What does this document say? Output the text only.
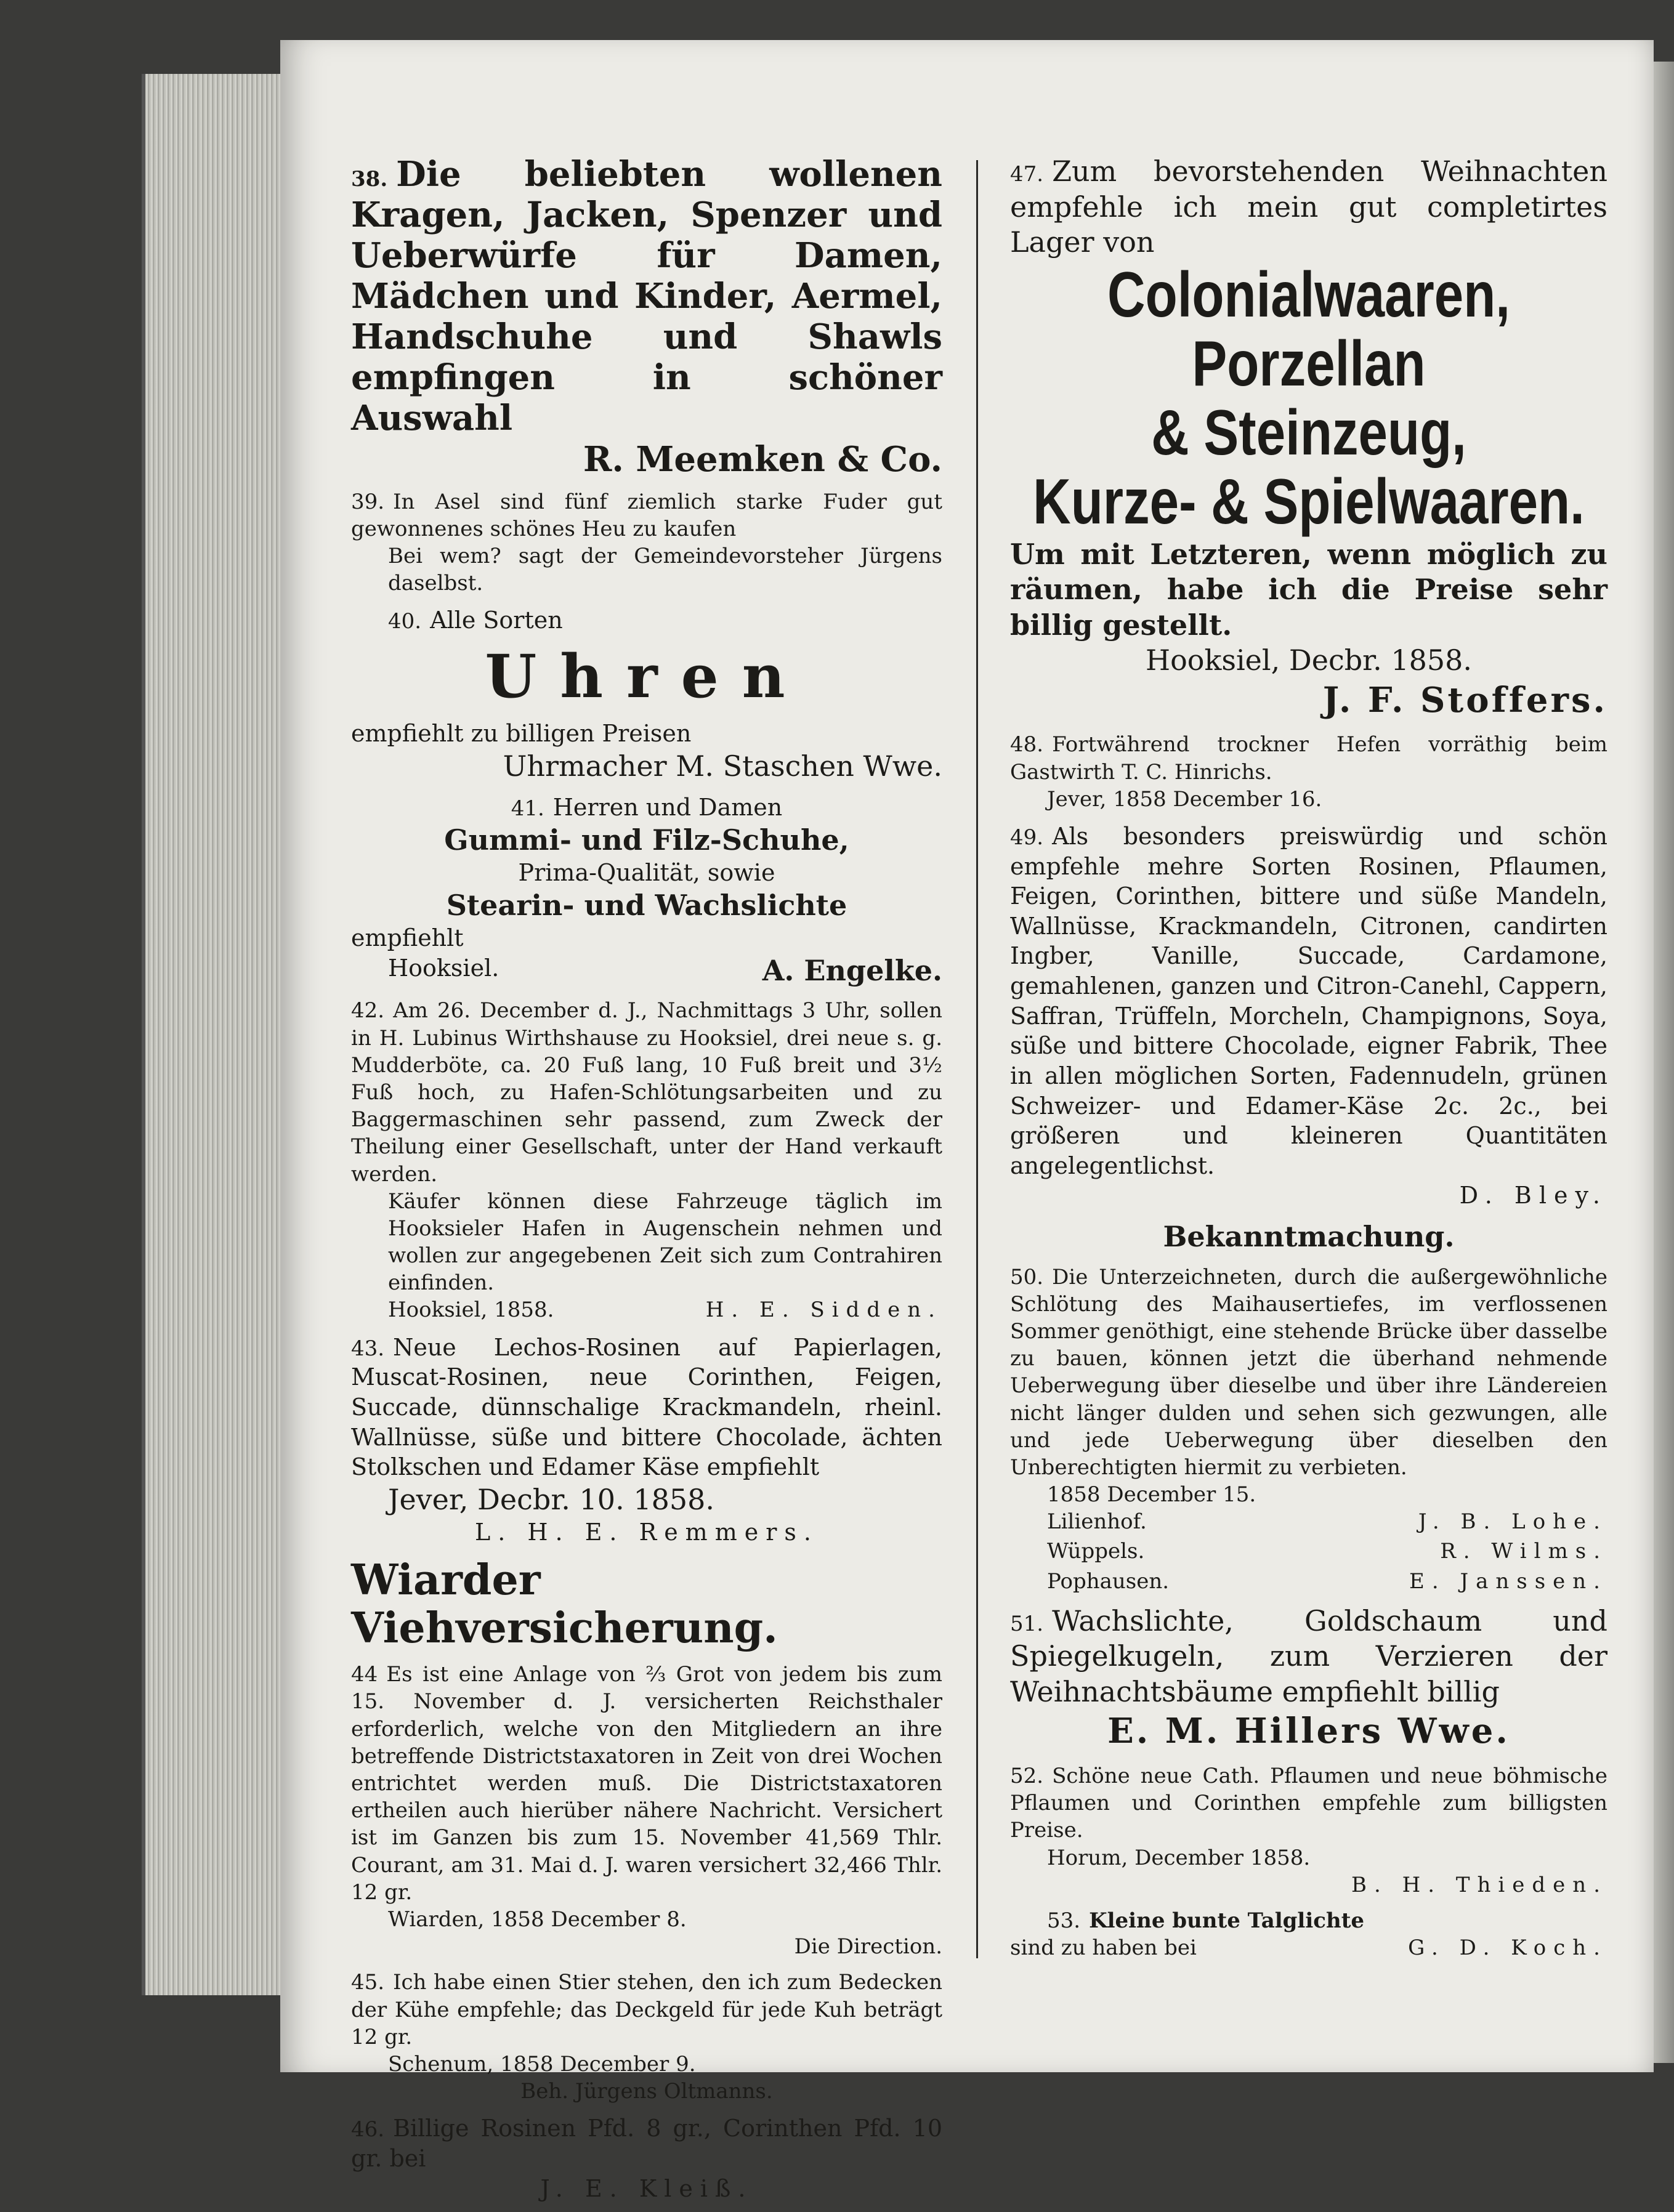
38. Die beliebten wollenen Kragen, Jacken, Spenzer und Ueberwürfe für Damen, Mädchen und Kinder, Aermel, Handschuhe und Shawls empfingen in schöner Auswahl
R. Meemken & Co.
39. In Asel sind fünf ziemlich starke Fuder gut gewonnenes schönes Heu zu kaufen
Bei wem? sagt der Gemeindevorsteher Jürgens daselbst.
40. Alle Sorten
Uhren
empfiehlt zu billigen Preisen
Uhrmacher M. Staschen Wwe.
41. Herren und Damen
Gummi- und Filz-Schuhe,
Prima-Qualität, sowie
Stearin- und Wachslichte
empfiehlt
Hooksiel.	A. Engelke.
42. Am 26. December d. J., Nachmittags 3 Uhr, sollen in H. Lubinus Wirthshause zu Hooksiel, drei neue s. g. Mudderböte, ca. 20 Fuß lang, 10 Fuß breit und 3½ Fuß hoch, zu Hafen-Schlötungsarbeiten und zu Baggermaschinen sehr passend, zum Zweck der Theilung einer Gesellschaft, unter der Hand verkauft werden.
Käufer können diese Fahrzeuge täglich im Hooksieler Hafen in Augenschein nehmen und wollen zur angegebenen Zeit sich zum Contrahiren einfinden.
Hooksiel, 1858.	H. E. Sidden.
43. Neue Lechos-Rosinen auf Papierlagen, Muscat-Rosinen, neue Corinthen, Feigen, Succade, dünnschalige Krackmandeln, rheinl. Wallnüsse, süße und bittere Chocolade, ächten Stolkschen und Edamer Käse empfiehlt
Jever, Decbr. 10. 1858.
L. H. E. Remmers.
Wiarder Viehversicherung.
44 Es ist eine Anlage von ⅔ Grot von jedem bis zum 15. November d. J. versicherten Reichsthaler erforderlich, welche von den Mitgliedern an ihre betreffende Districtstaxatoren in Zeit von drei Wochen entrichtet werden muß. Die Districtstaxatoren ertheilen auch hierüber nähere Nachricht. Versichert ist im Ganzen bis zum 15. November 41,569 Thlr. Courant, am 31. Mai d. J. waren versichert 32,466 Thlr. 12 gr.
Wiarden, 1858 December 8.
Die Direction.
45. Ich habe einen Stier stehen, den ich zum Bedecken der Kühe empfehle; das Deckgeld für jede Kuh beträgt 12 gr.
Schenum, 1858 December 9.
Beh. Jürgens Oltmanns.
46. Billige Rosinen Pfd. 8 gr., Corinthen Pfd. 10 gr. bei
J. E. Kleiß.
47. Zum bevorstehenden Weihnachten empfehle ich mein gut completirtes Lager von
Colonialwaaren, Porzellan
& Steinzeug,
Kurze- & Spielwaaren.
Um mit Letzteren, wenn möglich zu räumen, habe ich die Preise sehr billig gestellt.
Hooksiel, Decbr. 1858.
J. F. Stoffers.
48. Fortwährend trockner Hefen vorräthig beim Gastwirth T. C. Hinrichs.
Jever, 1858 December 16.
49. Als besonders preiswürdig und schön empfehle mehre Sorten Rosinen, Pflaumen, Feigen, Corinthen, bittere und süße Mandeln, Wallnüsse, Krackmandeln, Citronen, candirten Ingber, Vanille, Succade, Cardamone, gemahlenen, ganzen und Citron-Canehl, Cappern, Saffran, Trüffeln, Morcheln, Champignons, Soya, süße und bittere Chocolade, eigner Fabrik, Thee in allen möglichen Sorten, Fadennudeln, grünen Schweizer- und Edamer-Käse 2c. 2c., bei größeren und kleineren Quantitäten angelegentlichst.
D. Bley.
Bekanntmachung.
50. Die Unterzeichneten, durch die außergewöhnliche Schlötung des Maihausertiefes, im verflossenen Sommer genöthigt, eine stehende Brücke über dasselbe zu bauen, können jetzt die überhand nehmende Ueberwegung über dieselbe und über ihre Ländereien nicht länger dulden und sehen sich gezwungen, alle und jede Ueberwegung über dieselben den Unberechtigten hiermit zu verbieten.
1858 December 15.
Lilienhof.	J. B. Lohe.
Wüppels.	R. Wilms.
Pophausen.	E. Janssen.
51. Wachslichte, Goldschaum und Spiegelkugeln, zum Verzieren der Weihnachtsbäume empfiehlt billig
E. M. Hillers Wwe.
52. Schöne neue Cath. Pflaumen und neue böhmische Pflaumen und Corinthen empfehle zum billigsten Preise.
Horum, December 1858.
B. H. Thieden.
53. Kleine bunte Talglichte
sind zu haben bei	G. D. Koch.
